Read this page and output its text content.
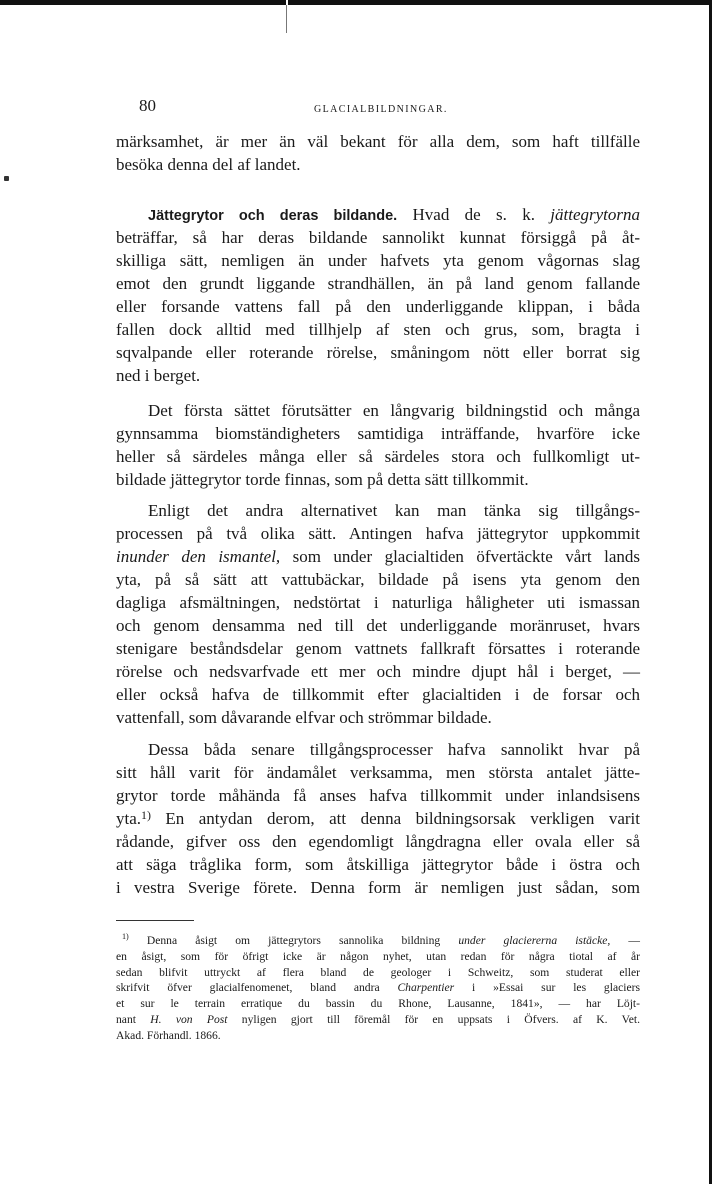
80	GLACIALBILDNINGAR.
märksamhet, är mer än väl bekant för alla dem, som haft tillfälle
besöka denna del af landet.
Jättegrytor och deras bildande. Hvad de s. k. jättegrytorna
beträffar, så har deras bildande sannolikt kunnat försiggå på åt-
skilliga sätt, nemligen än under hafvets yta genom vågornas slag
emot den grundt liggande strandhällen, än på land genom fallande
eller forsande vattens fall på den underliggande klippan, i båda
fallen dock alltid med tillhjelp af sten och grus, som, bragta i
sqvalpande eller roterande rörelse, småningom nött eller borrat sig
ned i berget.
Det första sättet förutsätter en långvarig bildningstid och många
gynnsamma biomständigheters samtidiga inträffande, hvarföre icke
heller så särdeles många eller så särdeles stora och fullkomligt ut-
bildade jättegrytor torde finnas, som på detta sätt tillkommit.
Enligt det andra alternativet kan man tänka sig tillgångs-
processen på två olika sätt. Antingen hafva jättegrytor uppkommit
inunder den ismantel, som under glacialtiden öfvertäckte vårt lands
yta, på så sätt att vattubäckar, bildade på isens yta genom den
dagliga afsmältningen, nedstörtat i naturliga håligheter uti ismassan
och genom densamma ned till det underliggande moränruset, hvars
stenigare beståndsdelar genom vattnets fallkraft försattes i roterande
rörelse och nedsvarfvade ett mer och mindre djupt hål i berget, —
eller också hafva de tillkommit efter glacialtiden i de forsar och
vattenfall, som dåvarande elfvar och strömmar bildade.
Dessa båda senare tillgångsprocesser hafva sannolikt hvar på
sitt håll varit för ändamålet verksamma, men största antalet jätte-
grytor torde måhända få anses hafva tillkommit under inlandsisens
yta.$^{1)}$ En antydan derom, att denna bildningsorsak verkligen varit
rådande, gifver oss den egendomligt långdragna eller ovala eller så
att säga tråglika form, som åtskilliga jättegrytor både i östra och
i vestra Sverige förete. Denna form är nemligen just sådan, som
$^{1)}$ Denna åsigt om jättegrytors sannolika bildning under glaciererna istäcke, —
en åsigt, som för öfrigt icke är någon nyhet, utan redan för några tiotal af år
sedan blifvit uttryckt af flera bland de geologer i Schweitz, som studerat eller
skrifvit öfver glacialfenomenet, bland andra Charpentier i »Essai sur les glaciers
et sur le terrain erratique du bassin du Rhone, Lausanne, 1841», — har Löjt-
nant H. von Post nyligen gjort till föremål för en uppsats i Öfvers. af K. Vet.
Akad. Förhandl. 1866.
